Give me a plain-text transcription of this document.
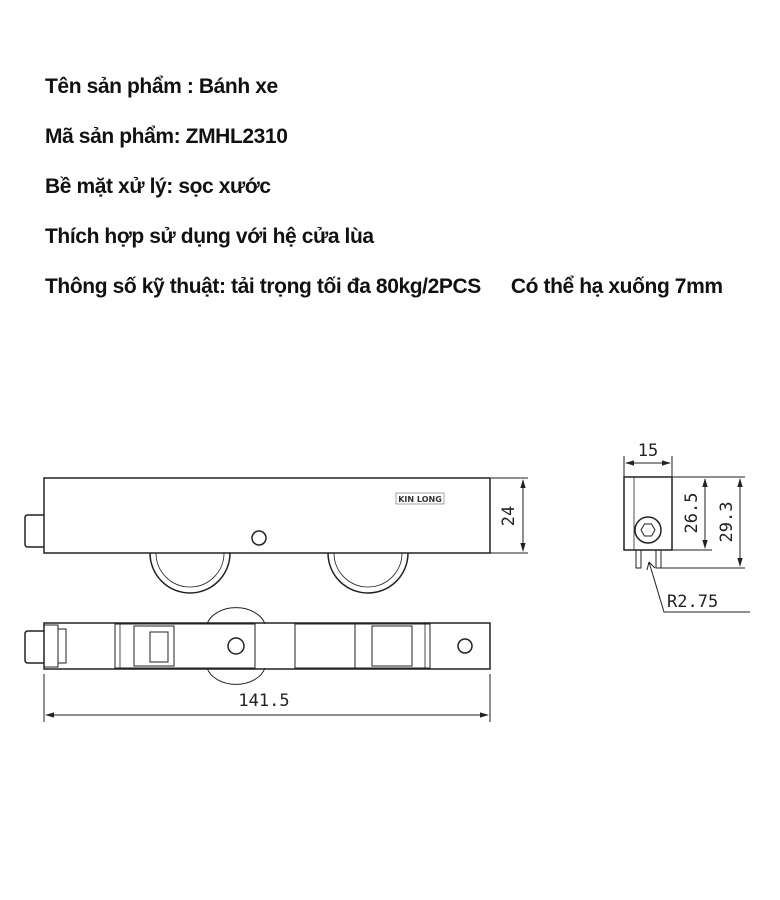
Tên sản phẩm : Bánh xe
Mã sản phẩm: ZMHL2310
Bề mặt xử lý: sọc xước
Thích hợp sử dụng với hệ cửa lùa
Thông số kỹ thuật: tải trọng tối đa 80kg/2PCS Có thể hạ xuống 7mm
KIN LONG
24
141.5
15
26.5 29.3
R2.75
